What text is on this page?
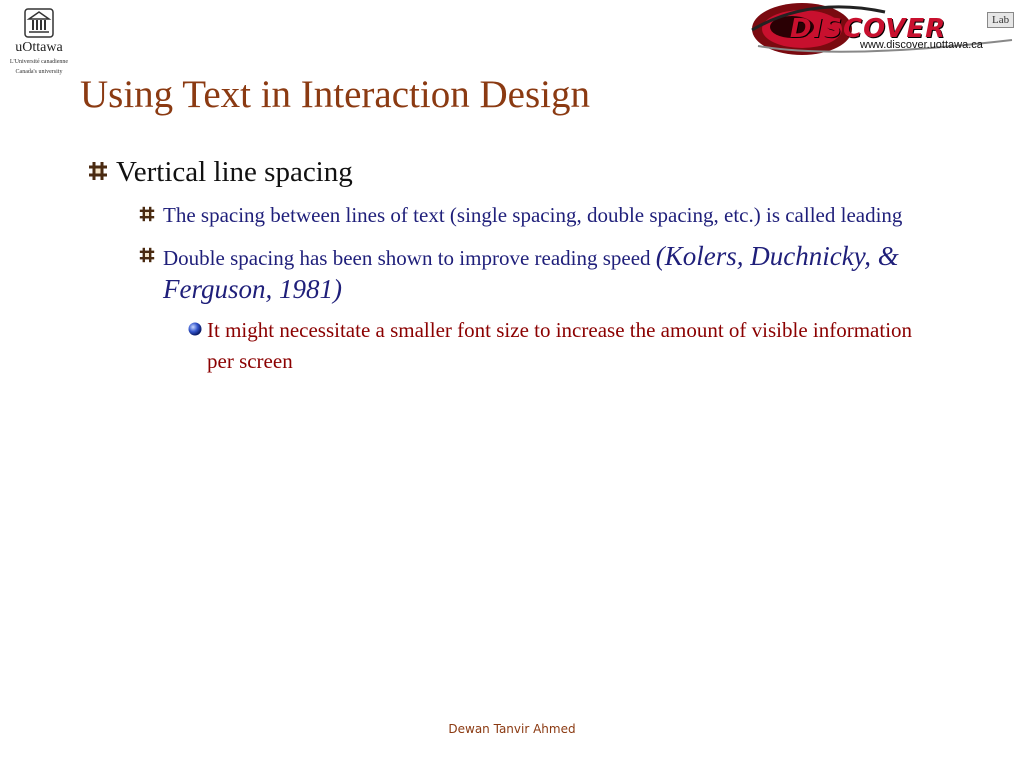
uOttawa
L'Université canadienne
Canada's university
DISCOVER	Lab
www.discover.uottawa.ca
Using Text in Interaction Design
Vertical line spacing
The spacing between lines of text (single spacing, double spacing, etc.) is called leading
Double spacing has been shown to improve reading speed (Kolers, Duchnicky, & Ferguson, 1981)
It might necessitate a smaller font size to increase the amount of visible information per screen
Dewan Tanvir Ahmed
